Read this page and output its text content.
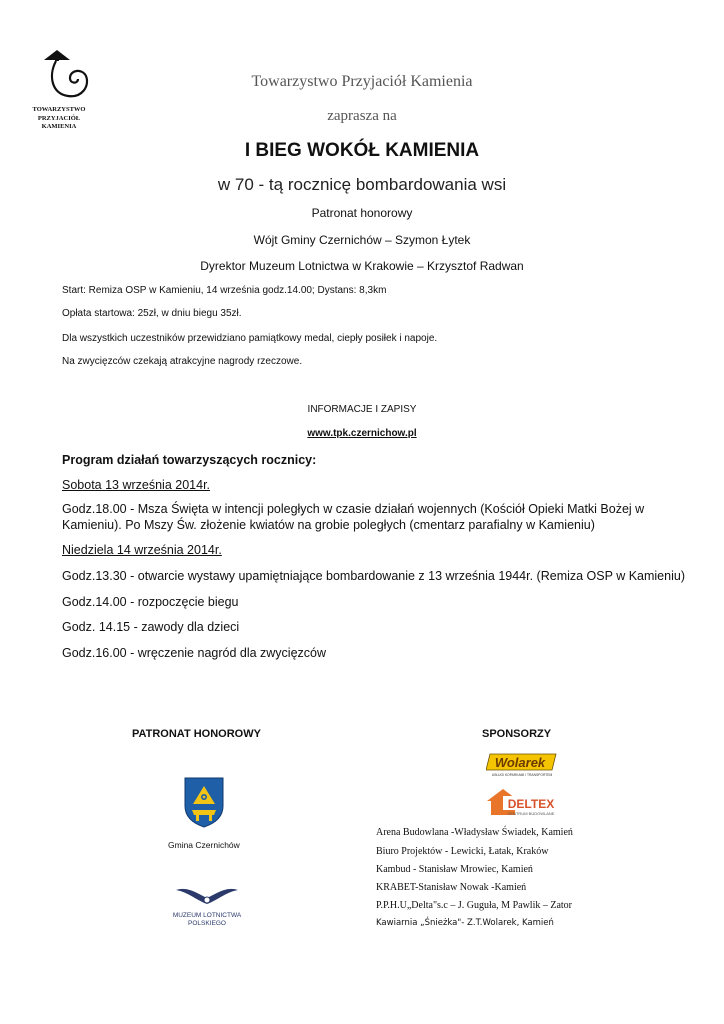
TOWARZYSTWO
PRZYJACIÓŁ
KAMIENIA
Towarzystwo Przyjaciół Kamienia
zaprasza na
I BIEG WOKÓŁ KAMIENIA
w 70 - tą rocznicę bombardowania wsi
Patronat honorowy
Wójt Gminy Czernichów – Szymon Łytek
Dyrektor Muzeum Lotnictwa w Krakowie – Krzysztof Radwan
Start: Remiza OSP w Kamieniu, 14 września godz.14.00; Dystans: 8,3km
Opłata startowa: 25zł, w dniu biegu 35zł.
Dla wszystkich uczestników przewidziano pamiątkowy medal, ciepły posiłek i napoje.
Na zwycięzców czekają atrakcyjne nagrody rzeczowe.
INFORMACJE I ZAPISY
www.tpk.czernichow.pl
Program działań towarzyszących rocznicy:
Sobota 13 września 2014r.
Godz.18.00 - Msza Święta w intencji poległych w czasie działań wojennych (Kościół Opieki Matki Bożej w Kamieniu). Po Mszy Św. złożenie kwiatów na grobie poległych (cmentarz parafialny w Kamieniu)
Niedziela 14 września 2014r.
Godz.13.30 - otwarcie wystawy upamiętniające bombardowanie z 13 września 1944r. (Remiza OSP w Kamieniu)
Godz.14.00 - rozpoczęcie biegu
Godz. 14.15 - zawody dla dzieci
Godz.16.00 - wręczenie nagród dla zwycięzców
PATRONAT HONOROWY	SPONSORZY
Gmina Czernichów
MUZEUM LOTNICTWA
POLSKIEGO
Wolarek
USŁUGI KOPARKAMI I TRANSPORTEM
DELTEX
CENTRUM BUDOWLANE
Arena Budowlana -Władysław Świadek, Kamień
Biuro Projektów - Lewicki, Łatak, Kraków
Kambud - Stanisław Mrowiec, Kamień
KRABET-Stanisław Nowak -Kamień
P.P.H.U„Delta"s.c – J. Guguła, M Pawlik – Zator
Kawiarnia „Śnieżka"- Z.T.Wolarek, Kamień
